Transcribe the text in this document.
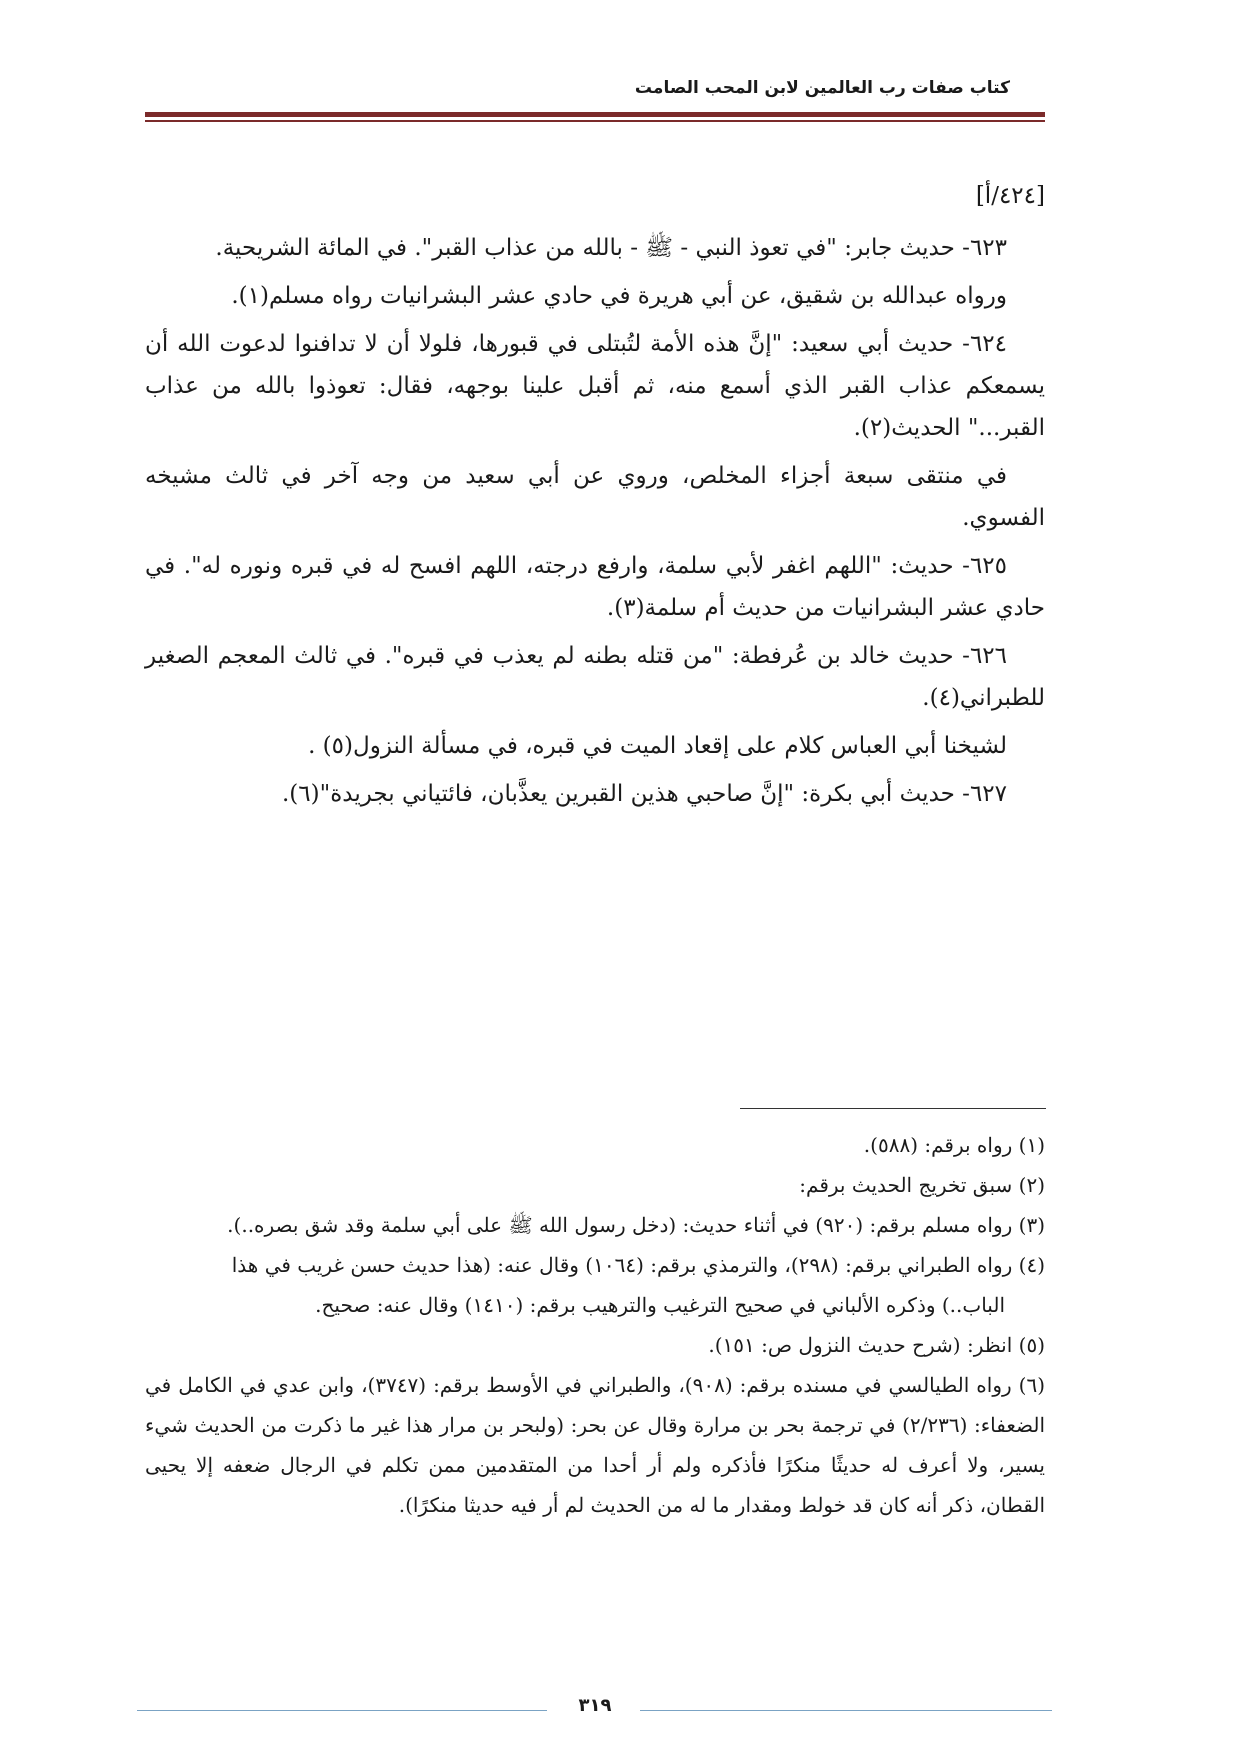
كتاب صفات رب العالمين لابن المحب الصامت

[٤٢٤/أ]

٦٢٣- حديث جابر: "في تعوذ النبي - ﷺ - بالله من عذاب القبر". في المائة الشريحية.

ورواه عبدالله بن شقيق، عن أبي هريرة في حادي عشر البشرانيات رواه مسلم(١).

٦٢٤- حديث أبي سعيد: "إنَّ هذه الأمة لتُبتلى في قبورها، فلولا أن لا تدافنوا لدعوت الله أن يسمعكم عذاب القبر الذي أسمع منه، ثم أقبل علينا بوجهه، فقال: تعوذوا بالله من عذاب القبر..." الحديث(٢).

في منتقى سبعة أجزاء المخلص، وروي عن أبي سعيد من وجه آخر في ثالث مشيخه الفسوي.

٦٢٥- حديث: "اللهم اغفر لأبي سلمة، وارفع درجته، اللهم افسح له في قبره ونوره له". في حادي عشر البشرانيات من حديث أم سلمة(٣).

٦٢٦- حديث خالد بن عُرفطة: "من قتله بطنه لم يعذب في قبره". في ثالث المعجم الصغير للطبراني(٤).

لشيخنا أبي العباس كلام على إقعاد الميت في قبره، في مسألة النزول(٥) .

٦٢٧- حديث أبي بكرة: "إنَّ صاحبي هذين القبرين يعذَّبان، فائتياني بجريدة"(٦).

(١) رواه برقم: (٥٨٨).

(٢) سبق تخريج الحديث برقم:

(٣) رواه مسلم برقم: (٩٢٠) في أثناء حديث: (دخل رسول الله ﷺ على أبي سلمة وقد شق بصره..).

(٤) رواه الطبراني برقم: (٢٩٨)، والترمذي برقم: (١٠٦٤) وقال عنه: (هذا حديث حسن غريب في هذا
الباب..) وذكره الألباني في صحيح الترغيب والترهيب برقم: (١٤١٠) وقال عنه: صحيح.

(٥) انظر: (شرح حديث النزول ص: ١٥١).

(٦) رواه الطيالسي في مسنده برقم: (٩٠٨)، والطبراني في الأوسط برقم: (٣٧٤٧)، وابن عدي في الكامل في الضعفاء: (٢/٢٣٦) في ترجمة بحر بن مرارة وقال عن بحر: (ولبحر بن مرار هذا غير ما ذكرت من الحديث شيء يسير، ولا أعرف له حديثًا منكرًا فأذكره ولم أر أحدا من المتقدمين ممن تكلم في الرجال ضعفه إلا يحيى القطان، ذكر أنه كان قد خولط ومقدار ما له من الحديث لم أر فيه حديثا منكرًا).

٣١٩
